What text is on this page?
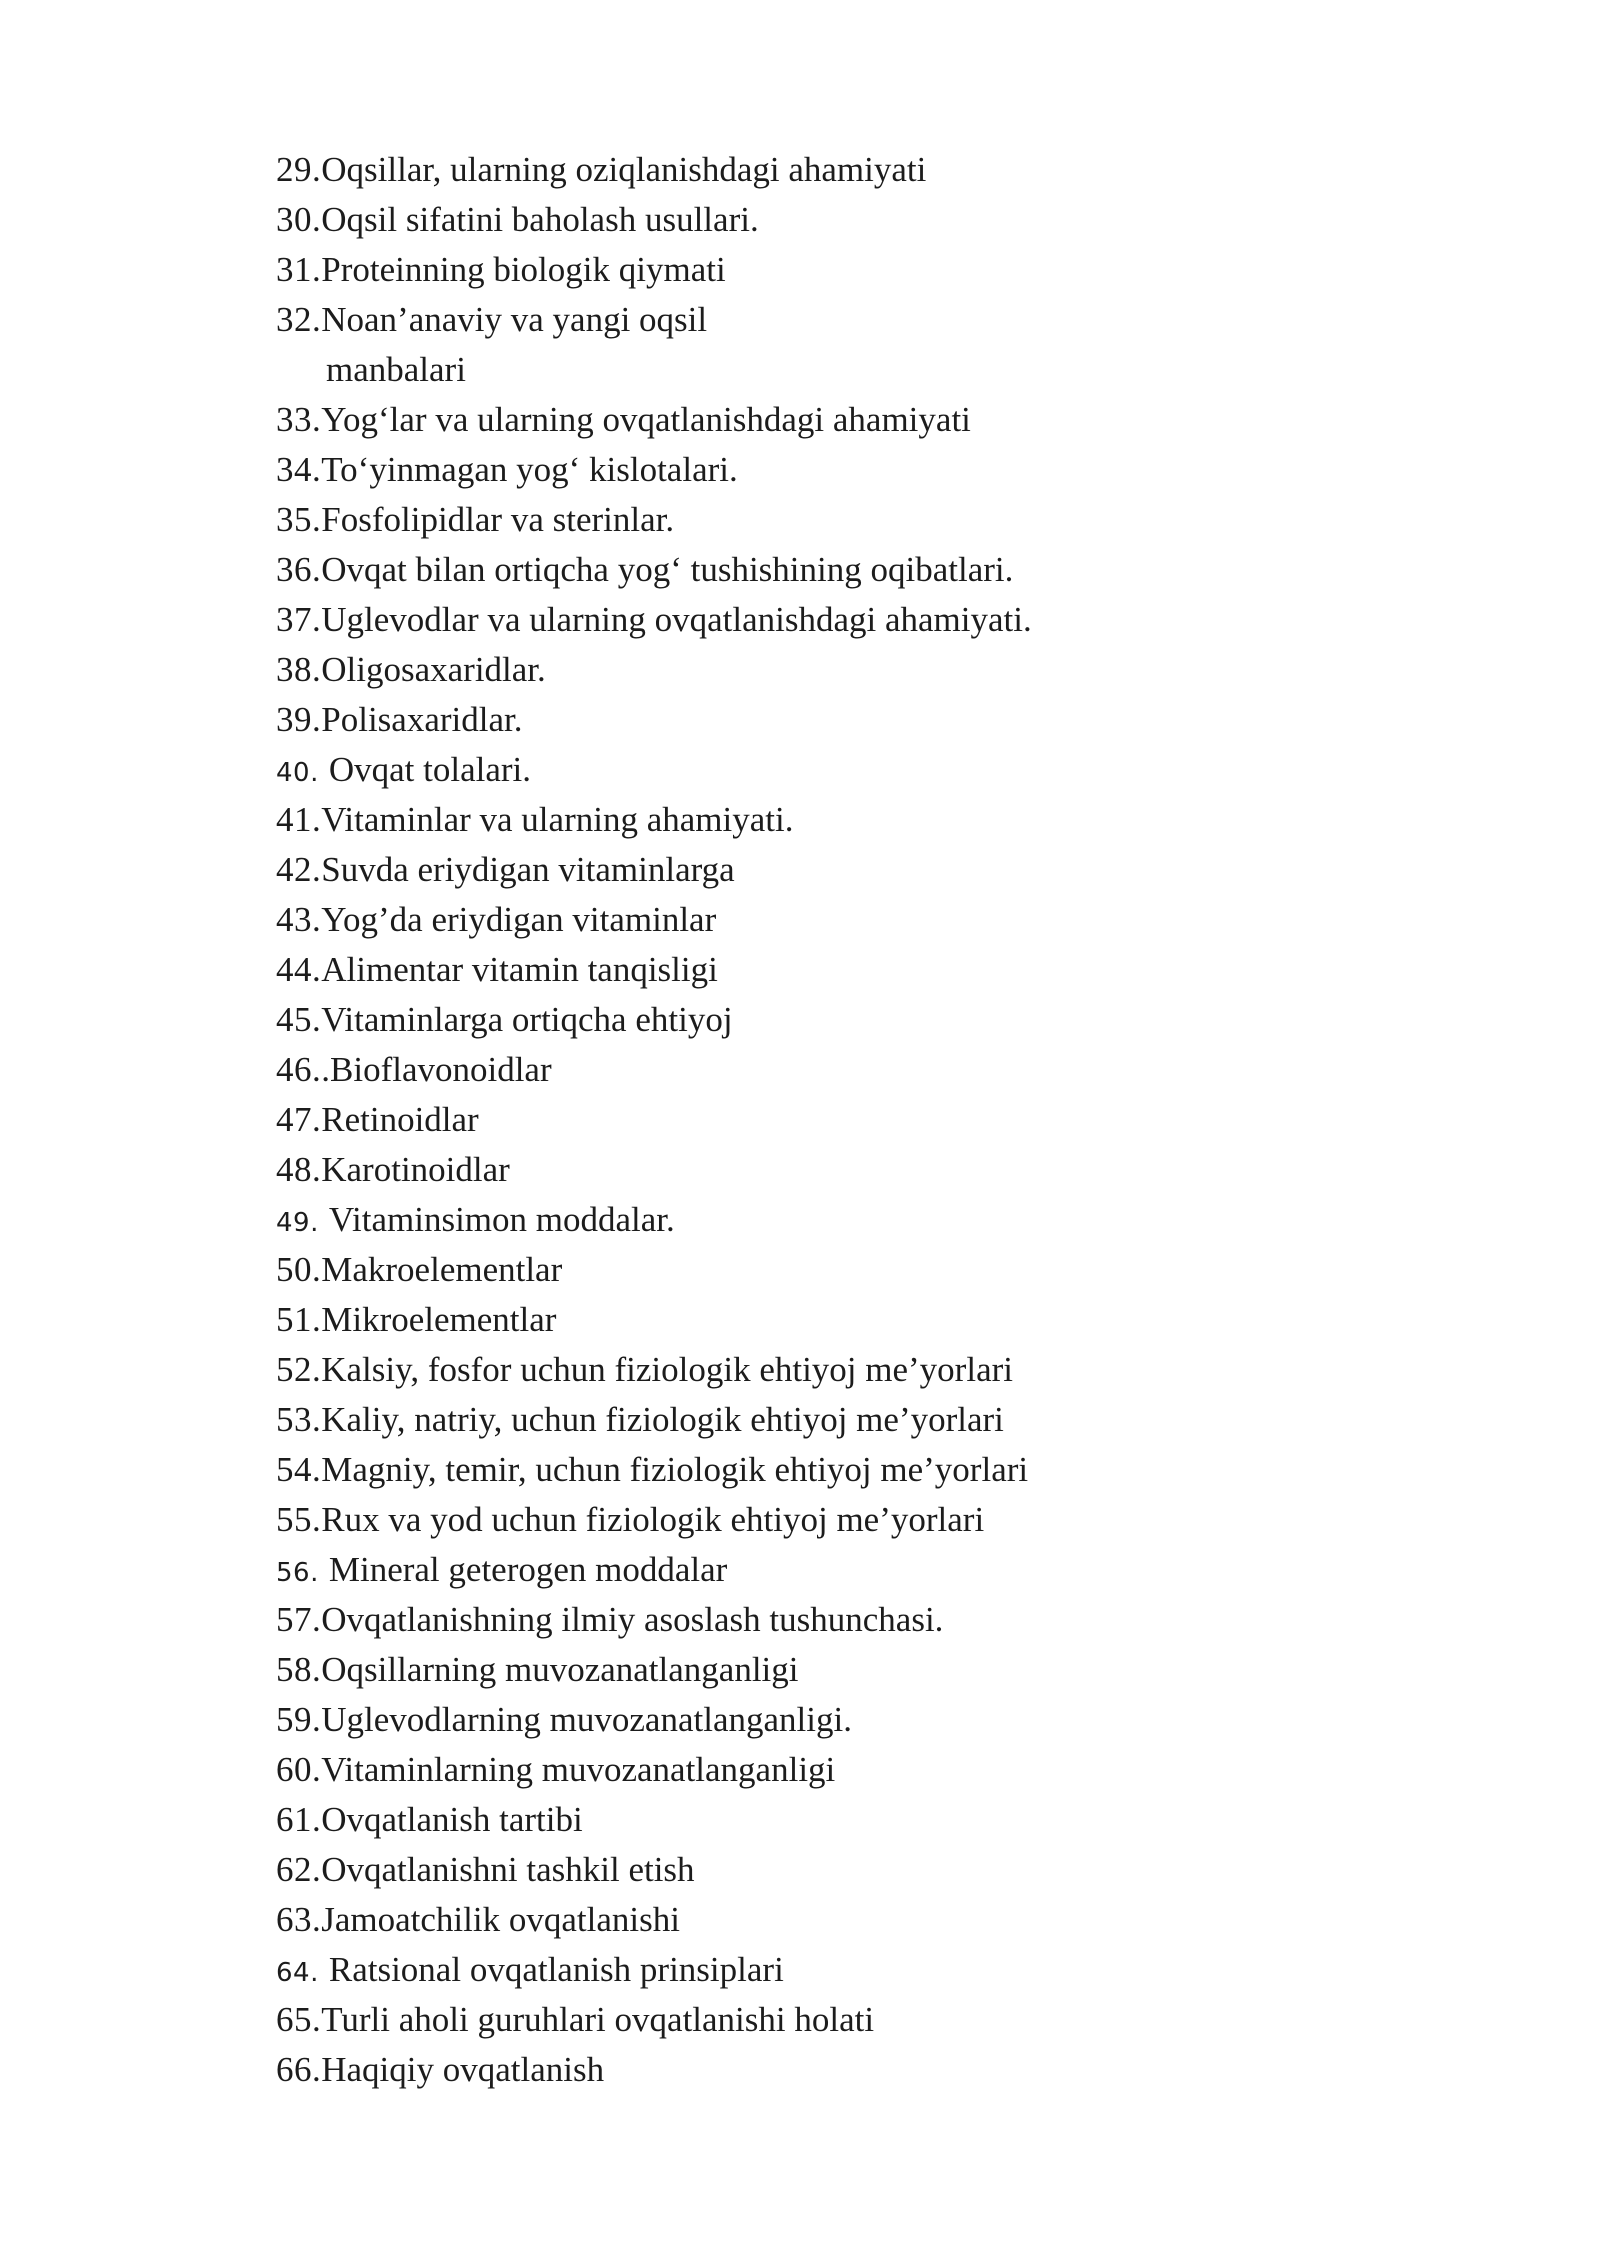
29. Oqsillar, ularning oziqlanishdagi ahamiyati
30. Oqsil sifatini baholash usullari.
31. Proteinning biologik qiymati
32. Noan’anaviy va yangi oqsil
manbalari
33. Yog‘lar va ularning ovqatlanishdagi ahamiyati
34. To‘yinmagan yog‘ kislotalari.
35. Fosfolipidlar va sterinlar.
36. Ovqat bilan ortiqcha yog‘ tushishining oqibatlari.
37. Uglevodlar va ularning ovqatlanishdagi ahamiyati.
38. Oligosaxaridlar.
39. Polisaxaridlar.
40. Ovqat tolalari.
41. Vitaminlar va ularning ahamiyati.
42. Suvda eriydigan vitaminlarga
43. Yog’da eriydigan vitaminlar
44. Alimentar vitamin tanqisligi
45. Vitaminlarga ortiqcha ehtiyoj
46. .Bioflavonoidlar
47. Retinoidlar
48. Karotinoidlar
49. Vitaminsimon moddalar.
50. Makroelementlar
51. Mikroelementlar
52. Kalsiy, fosfor uchun fiziologik ehtiyoj me’yorlari
53. Kaliy, natriy, uchun fiziologik ehtiyoj me’yorlari
54. Magniy, temir, uchun fiziologik ehtiyoj me’yorlari
55. Rux va yod uchun fiziologik ehtiyoj me’yorlari
56. Mineral geterogen moddalar
57. Ovqatlanishning ilmiy asoslash tushunchasi.
58. Oqsillarning muvozanatlanganligi
59. Uglevodlarning muvozanatlanganligi.
60. Vitaminlarning muvozanatlanganligi
61. Ovqatlanish tartibi
62. Ovqatlanishni tashkil etish
63. Jamoatchilik ovqatlanishi
64. Ratsional ovqatlanish prinsiplari
65. Turli aholi guruhlari ovqatlanishi holati
66. Haqiqiy ovqatlanish
